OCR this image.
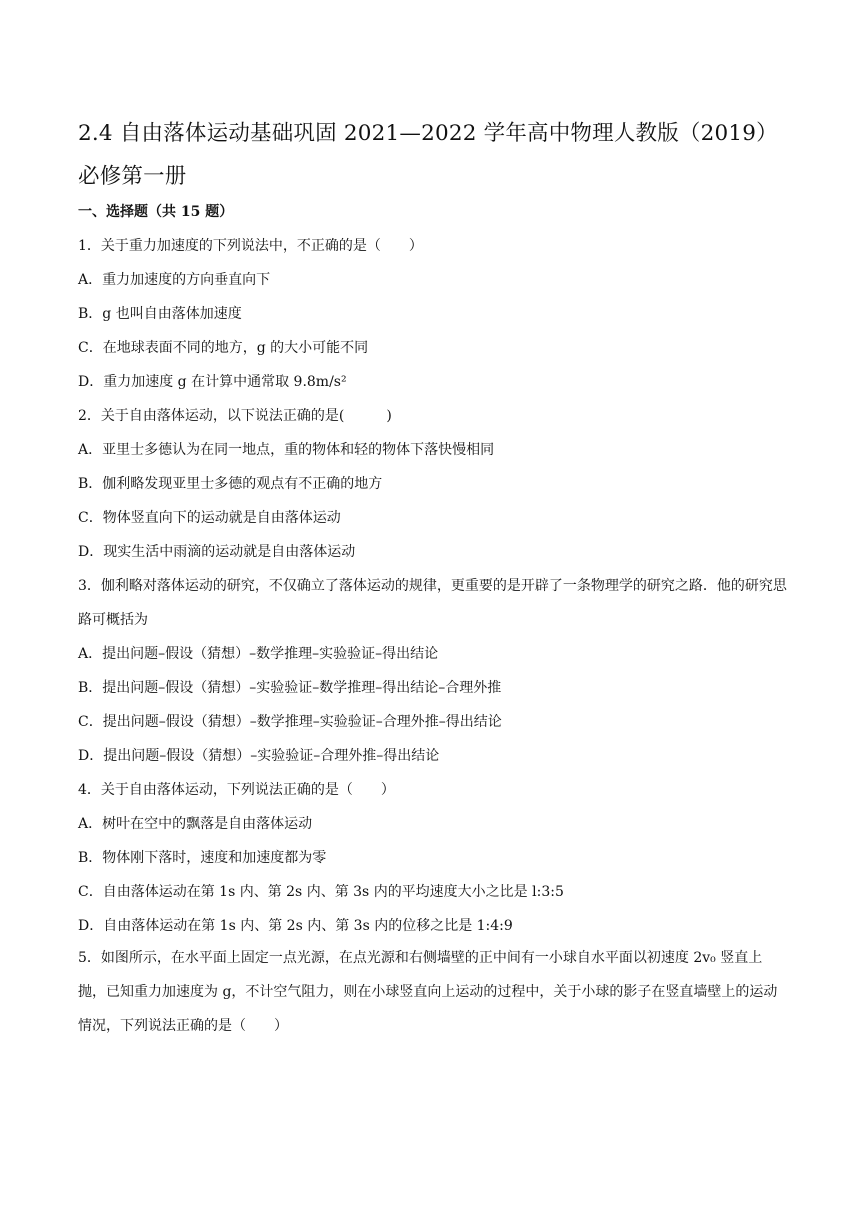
2.4 自由落体运动基础巩固 2021—2022 学年高中物理人教版（2019）必修第一册
一、选择题（共 15 题）
1．关于重力加速度的下列说法中，不正确的是（　　）
A．重力加速度的方向垂直向下
B．g 也叫自由落体加速度
C．在地球表面不同的地方，g 的大小可能不同
D．重力加速度 g 在计算中通常取 9.8m/s²
2．关于自由落体运动，以下说法正确的是(　　　)
A．亚里士多德认为在同一地点，重的物体和轻的物体下落快慢相同
B．伽利略发现亚里士多德的观点有不正确的地方
C．物体竖直向下的运动就是自由落体运动
D．现实生活中雨滴的运动就是自由落体运动
3．伽利略对落体运动的研究，不仅确立了落体运动的规律，更重要的是开辟了一条物理学的研究之路．他的研究思路可概括为
A．提出问题–假设（猜想）–数学推理–实验验证–得出结论
B．提出问题–假设（猜想）–实验验证–数学推理–得出结论–合理外推
C．提出问题–假设（猜想）–数学推理–实验验证–合理外推–得出结论
D．提出问题–假设（猜想）–实验验证–合理外推–得出结论
4．关于自由落体运动，下列说法正确的是（　　）
A．树叶在空中的飘落是自由落体运动
B．物体刚下落时，速度和加速度都为零
C．自由落体运动在第 1s 内、第 2s 内、第 3s 内的平均速度大小之比是 l:3:5
D．自由落体运动在第 1s 内、第 2s 内、第 3s 内的位移之比是 1:4:9
5．如图所示，在水平面上固定一点光源，在点光源和右侧墙壁的正中间有一小球自水平面以初速度 2v₀ 竖直上抛，已知重力加速度为 g，不计空气阻力，则在小球竖直向上运动的过程中，关于小球的影子在竖直墙壁上的运动情况，下列说法正确的是（　　）
